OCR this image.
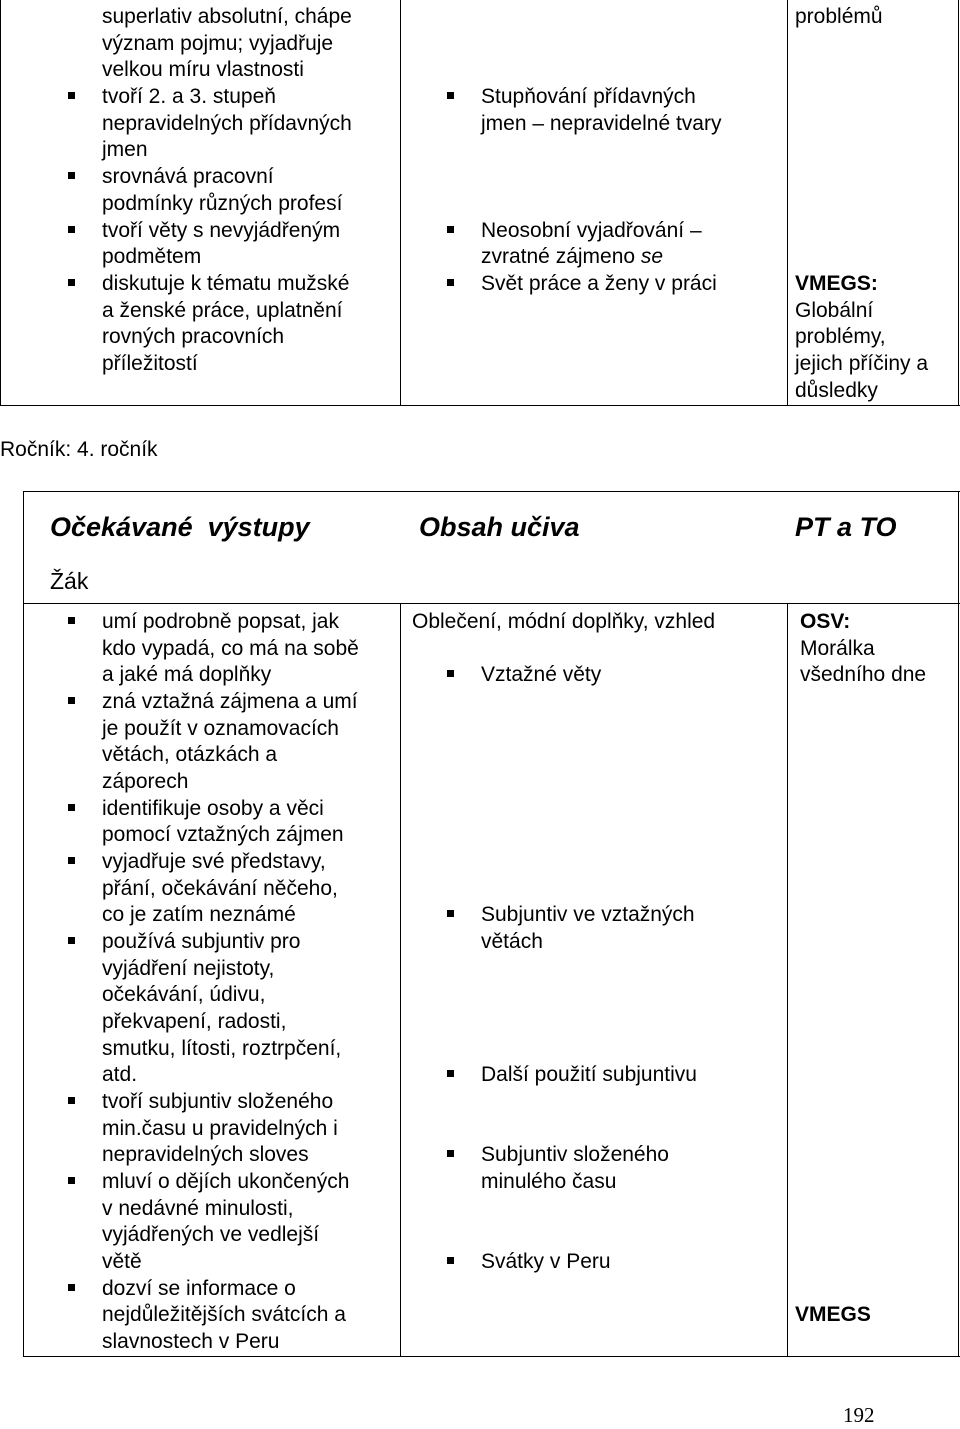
superlativ absolutní, chápe
význam pojmu; vyjadřuje
velkou míru vlastnosti
tvoří 2. a 3. stupeň
nepravidelných přídavných
jmen
srovnává pracovní
podmínky různých profesí
tvoří věty s nevyjádřeným
podmětem
diskutuje k tématu mužské
a ženské práce, uplatnění
rovných pracovních
příležitostí
Stupňování přídavných
jmen – nepravidelné tvary
Neosobní vyjadřování –
zvratné zájmeno se
Svět práce a ženy v práci
problémů
VMEGS:
Globální
problémy,
jejich příčiny a
důsledky
Ročník: 4. ročník
Očekávané  výstupy	Obsah učiva	PT a TO
Žák
umí podrobně popsat, jak
kdo vypadá, co má na sobě
a jaké má doplňky
zná vztažná zájmena a umí
je použít v oznamovacích
větách, otázkách a
záporech
identifikuje osoby a věci
pomocí vztažných zájmen
vyjadřuje své představy,
přání, očekávání něčeho,
co je zatím neznámé
používá subjuntiv pro
vyjádření nejistoty,
očekávání, údivu,
překvapení, radosti,
smutku, lítosti, roztrpčení,
atd.
tvoří subjuntiv složeného
min.času u pravidelných i
nepravidelných sloves
mluví o dějích ukončených
v nedávné minulosti,
vyjádřených ve vedlejší
větě
dozví se informace o
nejdůležitějších svátcích a
slavnostech v Peru
Oblečení, módní doplňky, vzhled
Vztažné věty
Subjuntiv ve vztažných
větách
Další použití subjuntivu
Subjuntiv složeného
minulého času
Svátky v Peru
OSV:
Morálka
všedního dne
VMEGS
192
